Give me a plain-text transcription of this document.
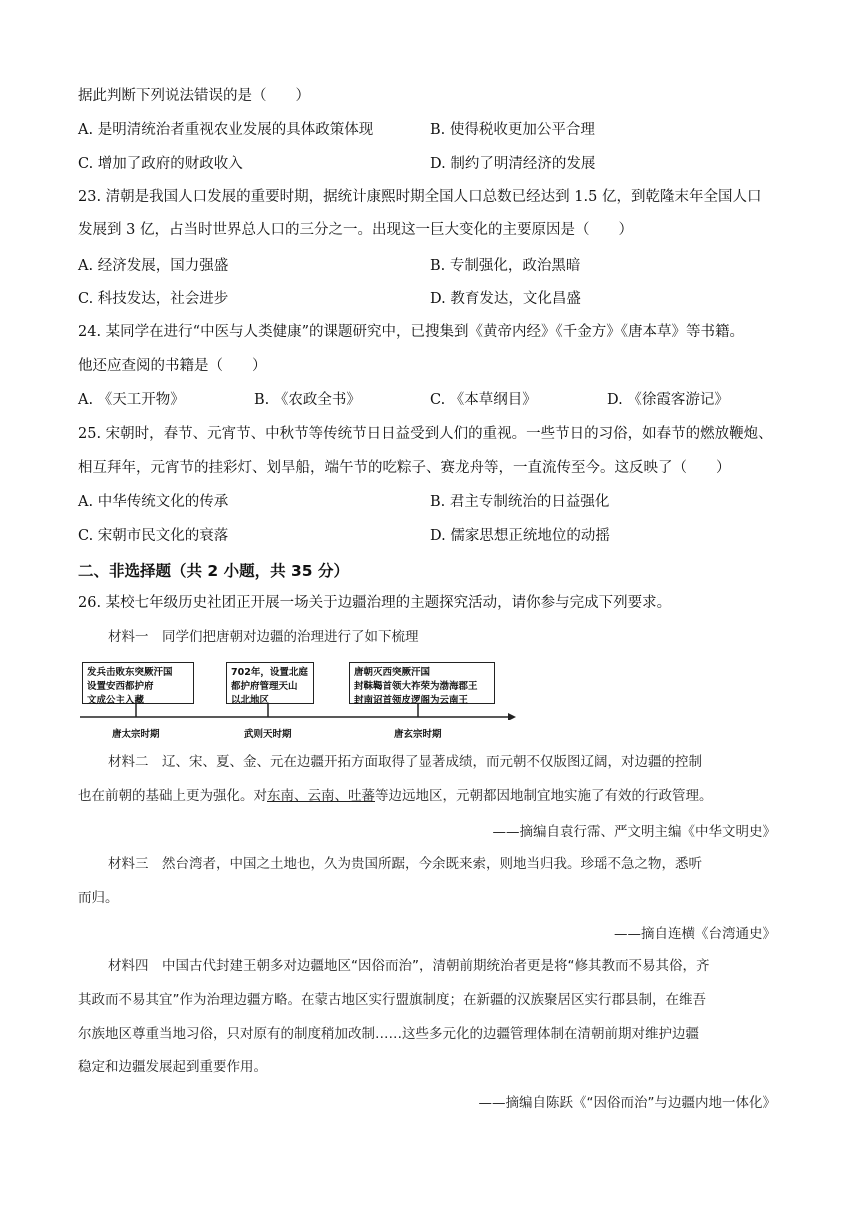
据此判断下列说法错误的是（　　）
A. 是明清统治者重视农业发展的具体政策体现	B. 使得税收更加公平合理
C. 增加了政府的财政收入	D. 制约了明清经济的发展
23. 清朝是我国人口发展的重要时期，据统计康熙时期全国人口总数已经达到 1.5 亿，到乾隆末年全国人口
发展到 3 亿，占当时世界总人口的三分之一。出现这一巨大变化的主要原因是（　　）
A. 经济发展，国力强盛	B. 专制强化，政治黑暗
C. 科技发达，社会进步	D. 教育发达，文化昌盛
24. 某同学在进行“中医与人类健康”的课题研究中，已搜集到《黄帝内经》《千金方》《唐本草》等书籍。
他还应查阅的书籍是（　　）
A. 《天工开物》	B. 《农政全书》	C. 《本草纲目》	D. 《徐霞客游记》
25. 宋朝时，春节、元宵节、中秋节等传统节日日益受到人们的重视。一些节日的习俗，如春节的燃放鞭炮、
相互拜年，元宵节的挂彩灯、划旱船，端午节的吃粽子、赛龙舟等，一直流传至今。这反映了（　　）
A. 中华传统文化的传承	B. 君主专制统治的日益强化
C. 宋朝市民文化的衰落	D. 儒家思想正统地位的动摇
二、非选择题（共 2 小题，共 35 分）
26. 某校七年级历史社团正开展一场关于边疆治理的主题探究活动，请你参与完成下列要求。
材料一　同学们把唐朝对边疆的治理进行了如下梳理
发兵击败东突厥汗国
设置安西都护府
文成公主入藏
702年，设置北庭
都护府管理天山
以北地区
唐朝灭西突厥汗国
封靺鞨首领大祚荣为渤海郡王
封南诏首领皮逻阁为云南王
唐太宗时期	武则天时期	唐玄宗时期
材料二　辽、宋、夏、金、元在边疆开拓方面取得了显著成绩，而元朝不仅版图辽阔，对边疆的控制
也在前朝的基础上更为强化。对东南、云南、吐蕃等边远地区，元朝都因地制宜地实施了有效的行政管理。
——摘编自袁行霈、严文明主编《中华文明史》
材料三　然台湾者，中国之土地也，久为贵国所踞，今余既来索，则地当归我。珍瑶不急之物，悉听
而归。
——摘自连横《台湾通史》
材料四　中国古代封建王朝多对边疆地区“因俗而治”，清朝前期统治者更是将“修其教而不易其俗，齐
其政而不易其宜”作为治理边疆方略。在蒙古地区实行盟旗制度；在新疆的汉族聚居区实行郡县制，在维吾
尔族地区尊重当地习俗，只对原有的制度稍加改制……这些多元化的边疆管理体制在清朝前期对维护边疆
稳定和边疆发展起到重要作用。
——摘编自陈跃《“因俗而治”与边疆内地一体化》
